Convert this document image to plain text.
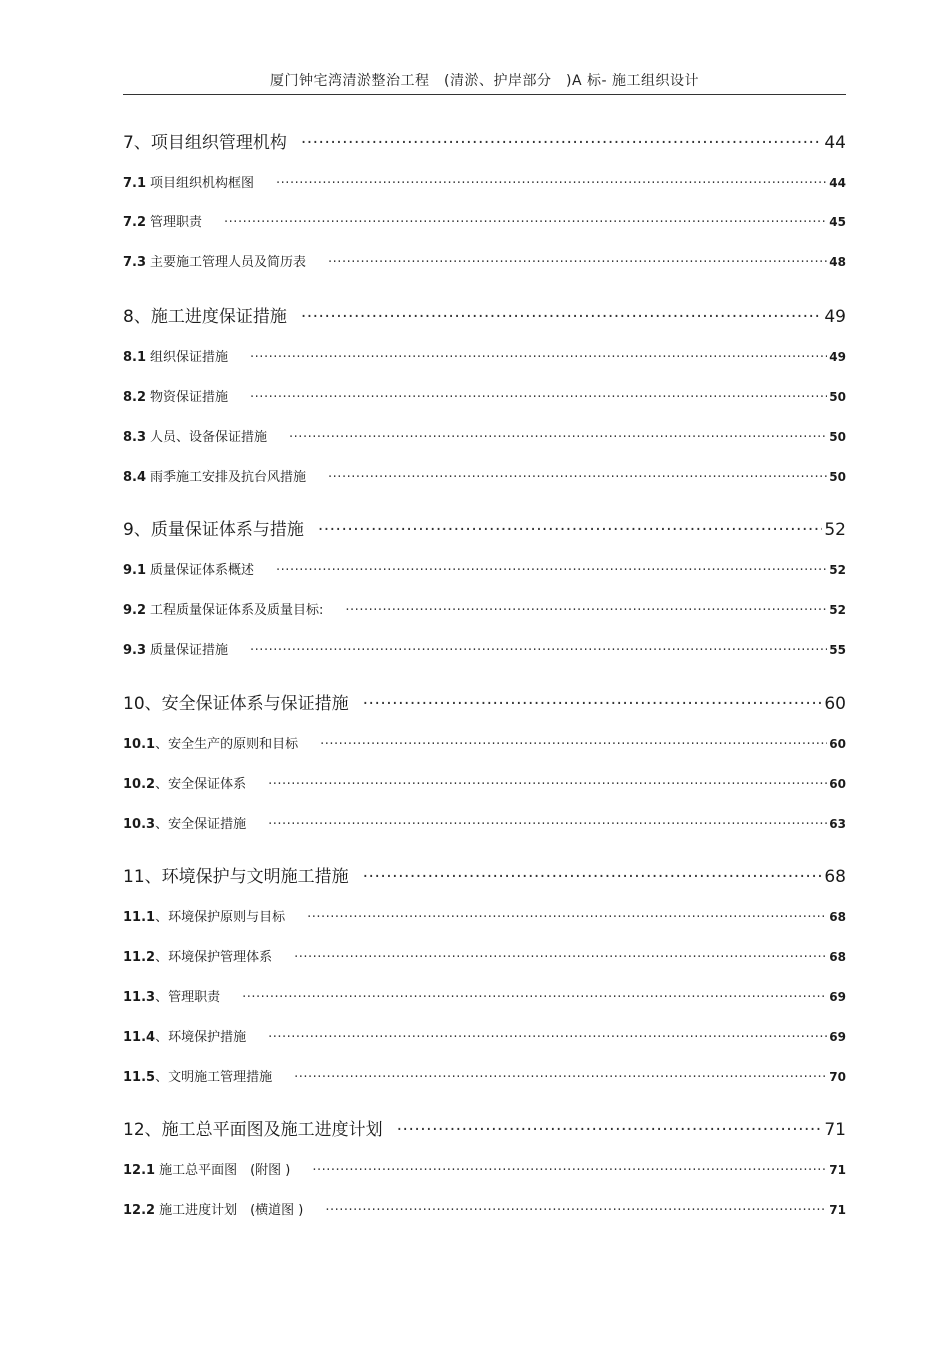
厦门钟宅湾清淤整治工程　(清淤、护岸部分　)A 标- 施工组织设计
7 、项目组织管理机构 ·····	44
7.1 项目组织机构框图 ·····	44
7.2 管理职责 ·····	45
7.3 主要施工管理人员及简历表 ·····	48
8 、施工进度保证措施 ·····	49
8.1 组织保证措施 ·····	49
8.2 物资保证措施 ·····	50
8.3 人员、设备保证措施 ·····	50
8.4 雨季施工安排及抗台风措施 ·····	50
9 、质量保证体系与措施 ·····	52
9.1 质量保证体系概述 ·····	52
9.2 工程质量保证体系及质量目标: ·····	52
9.3 质量保证措施 ·····	55
10 、安全保证体系与保证措施 ·····	60
10.1 、安全生产的原则和目标 ·····	60
10.2 、安全保证体系 ·····	60
10.3 、安全保证措施 ·····	63
11 、环境保护与文明施工措施 ·····	68
11.1 、环境保护原则与目标 ·····	68
11.2 、环境保护管理体系 ·····	68
11.3 、管理职责 ·····	69
11.4 、环境保护措施 ·····	69
11.5 、文明施工管理措施 ·····	70
12 、施工总平面图及施工进度计划 ·····	71
12.1 施工总平面图　(附图 ) ·····	71
12.2 施工进度计划　(横道图 ) ·····	71
